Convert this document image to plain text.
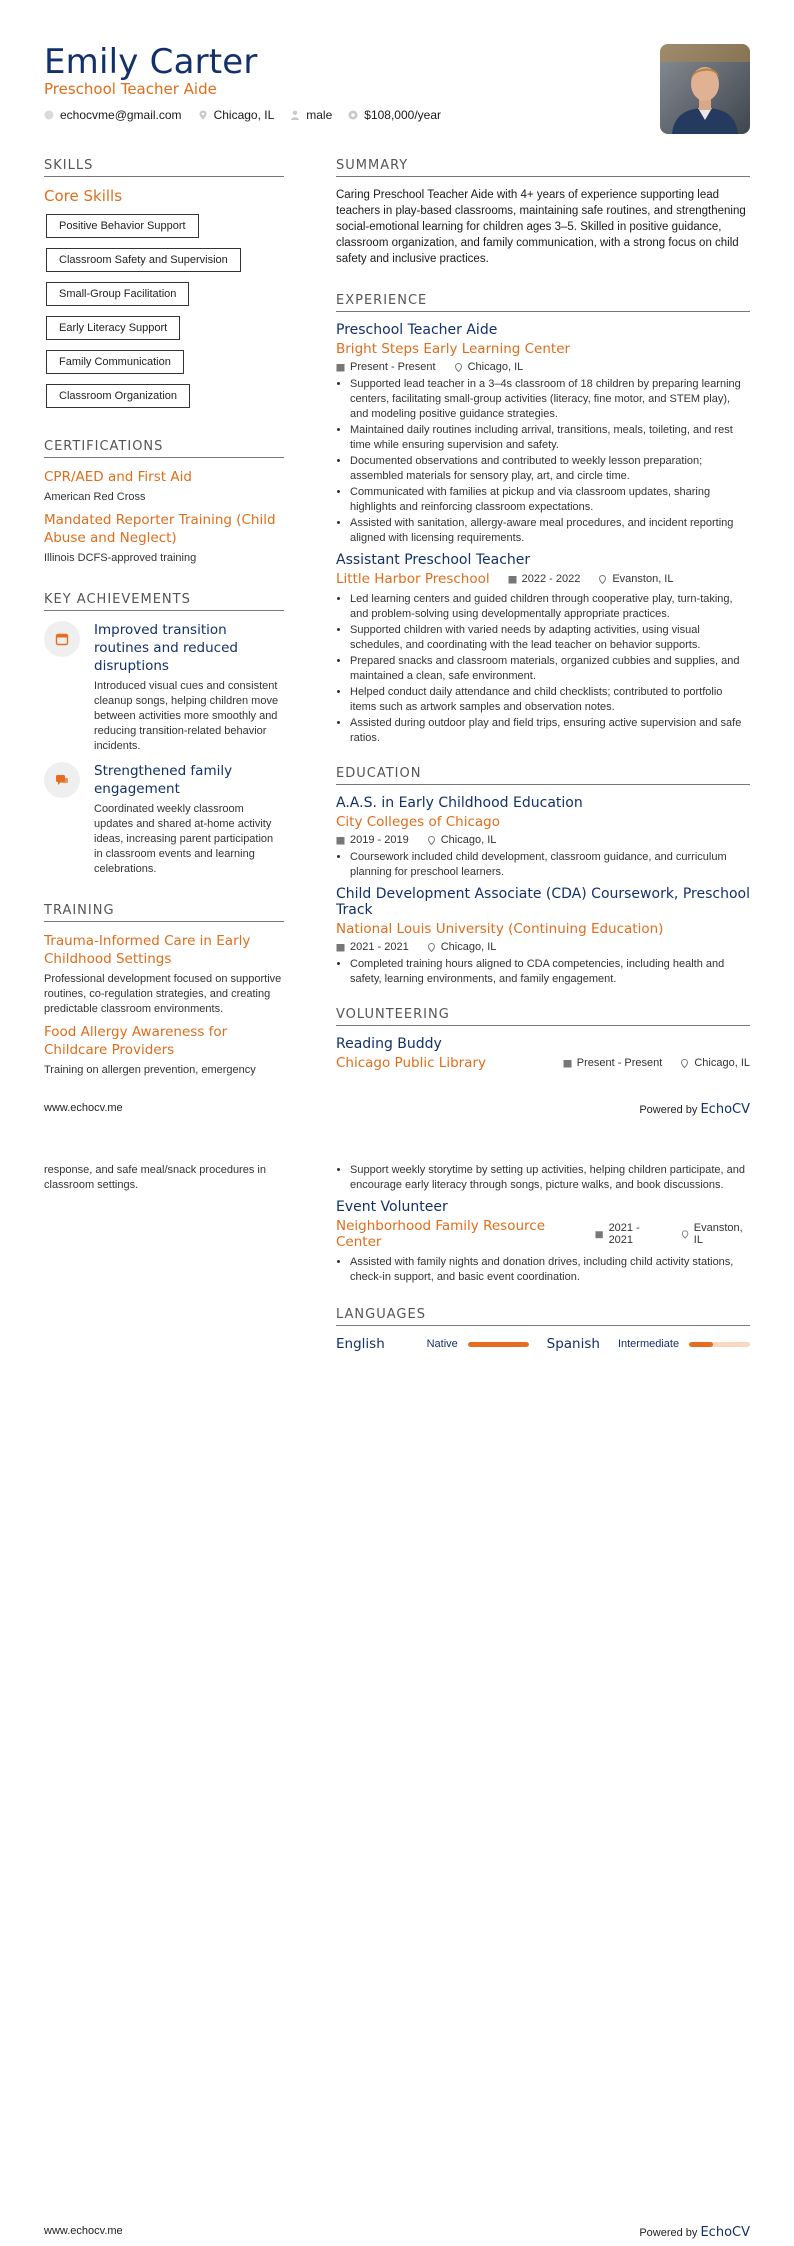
Emily Carter
Preschool Teacher Aide
echocvme@gmail.com	Chicago, IL	male	$108,000/year
SKILLS
Core Skills
Positive Behavior Support
Classroom Safety and Supervision
Small-Group Facilitation
Early Literacy Support
Family Communication
Classroom Organization
CERTIFICATIONS
CPR/AED and First Aid
American Red Cross
Mandated Reporter Training (Child Abuse and Neglect)
Illinois DCFS-approved training
KEY ACHIEVEMENTS
Improved transition routines and reduced disruptions
Introduced visual cues and consistent cleanup songs, helping children move between activities more smoothly and reducing transition-related behavior incidents.
Strengthened family engagement
Coordinated weekly classroom updates and shared at-home activity ideas, increasing parent participation in classroom events and learning celebrations.
TRAINING
Trauma-Informed Care in Early Childhood Settings
Professional development focused on supportive routines, co-regulation strategies, and creating predictable classroom environments.
Food Allergy Awareness for Childcare Providers
Training on allergen prevention, emergency
SUMMARY
Caring Preschool Teacher Aide with 4+ years of experience supporting lead teachers in play-based classrooms, maintaining safe routines, and strengthening social-emotional learning for children ages 3–5. Skilled in positive guidance, classroom organization, and family communication, with a strong focus on child safety and inclusive practices.
EXPERIENCE
Preschool Teacher Aide
Bright Steps Early Learning Center
Present - Present	Chicago, IL
• Supported lead teacher in a 3–4s classroom of 18 children by preparing learning centers, facilitating small-group activities (literacy, fine motor, and STEM play), and modeling positive guidance strategies.
• Maintained daily routines including arrival, transitions, meals, toileting, and rest time while ensuring supervision and safety.
• Documented observations and contributed to weekly lesson preparation; assembled materials for sensory play, art, and circle time.
• Communicated with families at pickup and via classroom updates, sharing highlights and reinforcing classroom expectations.
• Assisted with sanitation, allergy-aware meal procedures, and incident reporting aligned with licensing requirements.
Assistant Preschool Teacher
Little Harbor Preschool	2022 - 2022	Evanston, IL
• Led learning centers and guided children through cooperative play, turn-taking, and problem-solving using developmentally appropriate practices.
• Supported children with varied needs by adapting activities, using visual schedules, and coordinating with the lead teacher on behavior supports.
• Prepared snacks and classroom materials, organized cubbies and supplies, and maintained a clean, safe environment.
• Helped conduct daily attendance and child checklists; contributed to portfolio items such as artwork samples and observation notes.
• Assisted during outdoor play and field trips, ensuring active supervision and safe ratios.
EDUCATION
A.A.S. in Early Childhood Education
City Colleges of Chicago
2019 - 2019	Chicago, IL
• Coursework included child development, classroom guidance, and curriculum planning for preschool learners.
Child Development Associate (CDA) Coursework, Preschool Track
National Louis University (Continuing Education)
2021 - 2021	Chicago, IL
• Completed training hours aligned to CDA competencies, including health and safety, learning environments, and family engagement.
VOLUNTEERING
Reading Buddy
Chicago Public Library	Present - Present	Chicago, IL
www.echocv.me	Powered by EchoCV
response, and safe meal/snack procedures in classroom settings.
• Support weekly storytime by setting up activities, helping children participate, and encourage early literacy through songs, picture walks, and book discussions.
Event Volunteer
Neighborhood Family Resource Center
2021 - 2021
Evanston, IL
• Assisted with family nights and donation drives, including child activity stations, check-in support, and basic event coordination.
LANGUAGES
English	Native	Spanish Intermediate
www.echocv.me	Powered by EchoCV
